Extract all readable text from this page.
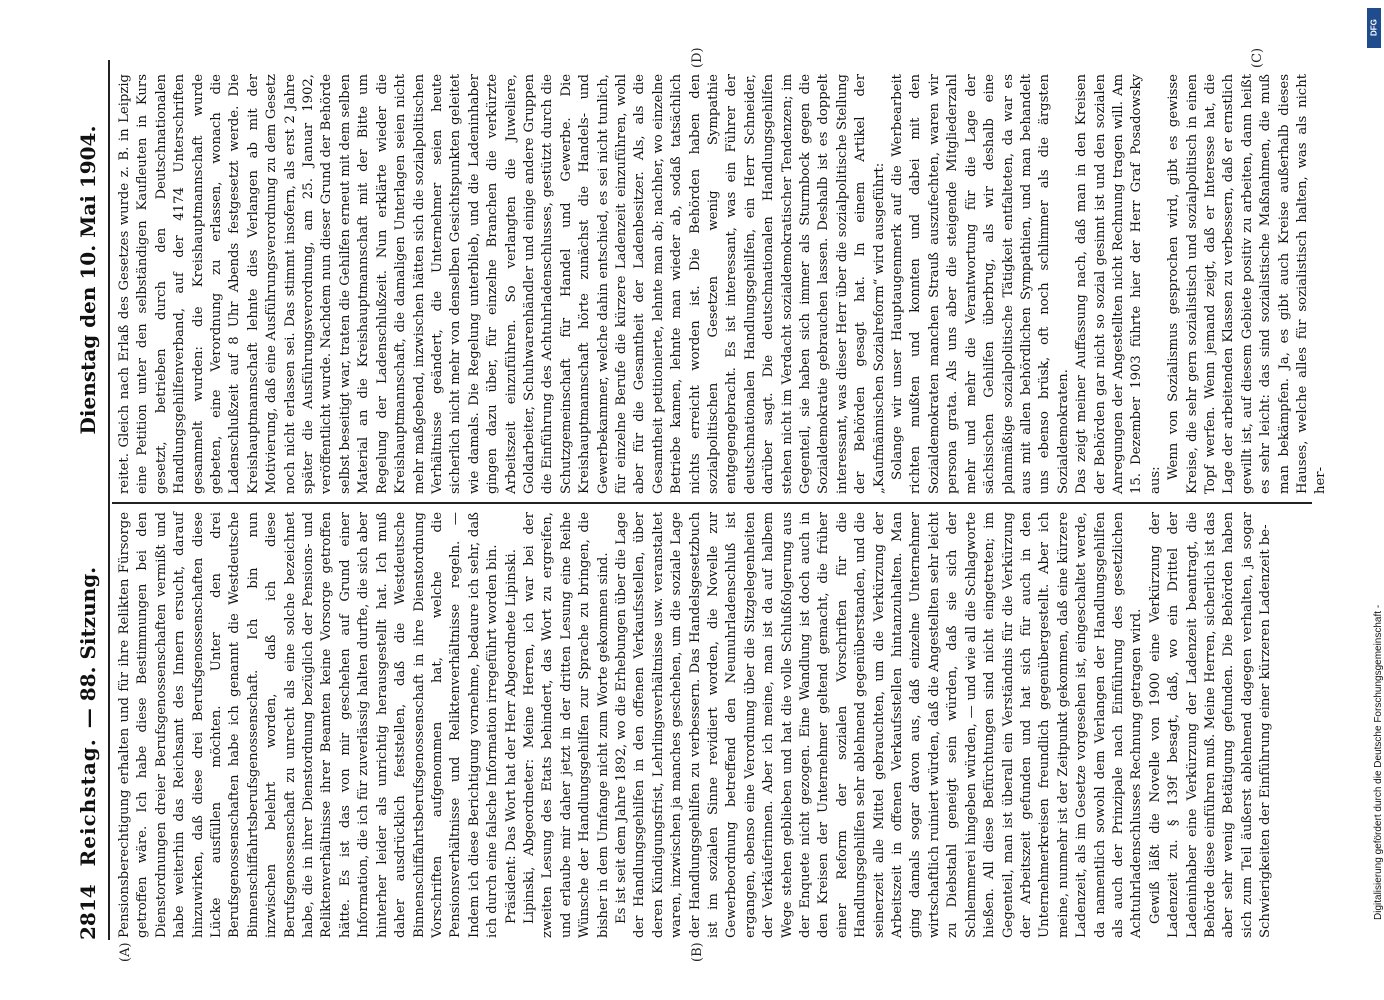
2814
Reichstag.
— 88. Sitzung.
Dienstag den 10. Mai 1904.
(A)	(B)
(C)
(D)

Pensionsberechtigung erhalten und für ihre Relikten Fürsorge getroffen wäre. Ich habe diese Bestimmungen bei den Dienstordnungen dreier Berufsgenossenschaften vermißt und habe weiterhin das Reichsamt des Innern ersucht, darauf hinzuwirken, daß diese drei Berufsgenossenschaften diese Lücke ausfüllen möchten. Unter den drei Berufsgenossenschaften habe ich genannt die Westdeutsche Binnenschiffahrtsberufsgenossenschaft. Ich bin nun inzwischen belehrt worden, daß ich diese Berufsgenossenschaft zu unrecht als eine solche bezeichnet habe, die in ihrer Dienstordnung bezüglich der Pensions- und Reliktenverhältnisse ihrer Beamten keine Vorsorge getroffen hätte. Es ist das von mir geschehen auf Grund einer Information, die ich für zuverlässig halten durfte, die sich aber hinterher leider als unrichtig herausgestellt hat. Ich muß daher ausdrücklich feststellen, daß die Westdeutsche Binnenschiffahrtsberufsgenossenschaft in ihre Dienstordnung Vorschriften aufgenommen hat, welche die Pensionsverhältnisse und Reliktenverhältnisse regeln. — Indem ich diese Berichtigung vornehme, bedaure ich sehr, daß ich durch eine falsche Information irregeführt worden bin. Präsident: Das Wort hat der Herr Abgeordnete Lipinski. Lipinski, Abgeordneter: Meine Herren, ich war bei der zweiten Lesung des Etats behindert, das Wort zu ergreifen, und erlaube mir daher jetzt in der dritten Lesung eine Reihe Wünsche der Handlungsgehilfen zur Sprache zu bringen, die bisher in dem Umfange nicht zum Worte gekommen sind. Es ist seit dem Jahre 1892, wo die Erhebungen über die Lage der Handlungsgehilfen in den offenen Verkaufsstellen, über deren Kündigungsfrist, Lehrlingsverhältnisse usw. veranstaltet waren, inzwischen ja manches geschehen, um die soziale Lage der Handlungsgehilfen zu verbessern. Das Handelsgesetzbuch ist im sozialen Sinne revidiert worden, die Novelle zur Gewerbeordnung betreffend den Neunuhrladenschluß ist ergangen, ebenso eine Verordnung über die Sitzgelegenheiten der Verkäuferinnen. Aber ich meine, man ist da auf halbem Wege stehen geblieben und hat die volle Schlußfolgerung aus der Enquete nicht gezogen. Eine Wandlung ist doch auch in den Kreisen der Unternehmer geltend gemacht, die früher einer Reform der sozialen Vorschriften für die Handlungsgehilfen sehr ablehnend gegenüberstanden, und die seinerzeit alle Mittel gebrauchten, um die Verkürzung der Arbeitszeit in offenen Verkaufsstellen hintanzuhalten. Man ging damals sogar davon aus, daß einzelne Unternehmer wirtschaftlich ruiniert würden, daß die Angestellten sehr leicht zu Diebstahl geneigt sein würden, daß sie sich der Schlemmerei hingeben würden, — und wie all die Schlagworte hießen. All diese Befürchtungen sind nicht eingetreten; im Gegenteil, man ist überall ein Verständnis für die Verkürzung der Arbeitszeit gefunden und hat sich für auch in den Unternehmerkreisen freundlich gegenübergestellt. Aber ich meine, nunmehr ist der Zeitpunkt gekommen, daß eine kürzere Ladenzeit, als im Gesetze vorgesehen ist, eingeschaltet werde, da namentlich sowohl dem Verlangen der Handlungsgehilfen als auch der Prinzipale nach Einführung des gesetzlichen Achtuhrladenschlusses Rechnung getragen wird. Gewiß läßt die Novelle von 1900 eine Verkürzung der Ladenzeit zu. § 139f besagt, daß, wo ein Drittel der Ladeninhaber eine Verkürzung der Ladenzeit beantragt, die Behörde diese einführen muß. Meine Herren, sicherlich ist das aber sehr wenig Betätigung gefunden. Die Behörden haben sich zum Teil äußerst ablehnend dagegen verhalten, ja sogar Schwierigkeiten der Einführung einer kürzeren Ladenzeit be-

reitet. Gleich nach Erlaß des Gesetzes wurde z. B. in Leipzig eine Petition unter den selbständigen Kaufleuten in Kurs gesetzt, betrieben durch den Deutschnationalen Handlungsgehilfenverband, auf der 4174 Unterschriften gesammelt wurden: die Kreishauptmannschaft wurde gebeten, eine Verordnung zu erlassen, wonach die Ladenschlußzeit auf 8 Uhr Abends festgesetzt werde. Die Kreishauptmannschaft lehnte dies Verlangen ab mit der Motivierung, daß eine Ausführungsverordnung zu dem Gesetz noch nicht erlassen sei. Das stimmt insofern, als erst 2 Jahre später die Ausführungsverordnung, am 25. Januar 1902, veröffentlicht wurde. Nachdem nun dieser Grund der Behörde selbst beseitigt war, traten die Gehilfen erneut mit dem selben Material an die Kreishauptmannschaft mit der Bitte um Regelung der Ladenschlußzeit. Nun erklärte wieder die Kreishauptmannschaft, die damaligen Unterlagen seien nicht mehr maßgebend, inzwischen hätten sich die sozialpolitischen Verhältnisse geändert, die Unternehmer seien heute sicherlich nicht mehr von denselben Gesichtspunkten geleitet wie damals. Die Regelung unterblieb, und die Ladeninhaber gingen dazu über, für einzelne Branchen die verkürzte Arbeitszeit einzuführen. So verlangten die Juweliere, Goldarbeiter, Schuhwarenhändler und einige andere Gruppen die Einführung des Achtuhrladenschlusses, gestützt durch die Schutzgemeinschaft für Handel und Gewerbe. Die Kreishauptmannschaft hörte zunächst die Handels- und Gewerbekammer, welche dahin entschied, es sei nicht tunlich, für einzelne Berufe die kürzere Ladenzeit einzuführen, wohl aber für die Gesamtheit der Ladenbesitzer. Als, als die Gesamtheit petitionierte, lehnte man ab; nachher, wo einzelne Betriebe kamen, lehnte man wieder ab, sodaß tatsächlich nichts erreicht worden ist. Die Behörden haben den sozialpolitischen Gesetzen wenig Sympathie entgegengebracht. Es ist interessant, was ein Führer der deutschnationalen Handlungsgehilfen, ein Herr Schneider, darüber sagt. Die deutschnationalen Handlungsgehilfen stehen nicht im Verdacht sozialdemokratischer Tendenzen; im Gegenteil, sie haben sich immer als Sturmbock gegen die Sozialdemokratie gebrauchen lassen. Deshalb ist es doppelt interessant, was dieser Herr über die sozialpolitische Stellung der Behörden gesagt hat. In einem Artikel der „Kaufmännischen Sozialreform“ wird ausgeführt: Solange wir unser Hauptaugenmerk auf die Werbearbeit richten mußten und konnten und dabei mit den Sozialdemokraten manchen Strauß auszufechten, waren wir persona grata. Als uns aber die steigende Mitgliederzahl mehr und mehr die Verantwortung für die Lage der sächsischen Gehilfen überbrug, als wir deshalb eine planmäßige sozialpolitische Tätigkeit entfalteten, da war es aus mit allen behördlichen Sympathien, und man behandelt uns ebenso brüsk, oft noch schlimmer als die ärgsten Sozialdemokraten. Das zeigt meiner Auffassung nach, daß man in den Kreisen der Behörden gar nicht so sozial gesinnt ist und den sozialen Anregungen der Angestellten nicht Rechnung tragen will. Am 15. Dezember 1903 führte hier der Herr Graf Posadowsky aus:

Wenn von Sozialismus gesprochen wird, gibt es gewisse Kreise, die sehr gern sozialistisch und sozialpolitisch in einen Topf werfen. Wenn jemand zeigt, daß er Interesse hat, die Lage der arbeitenden Klassen zu verbessern, daß er ernstlich gewillt ist, auf diesem Gebiete positiv zu arbeiten, dann heißt es sehr leicht: das sind sozialistische Maßnahmen, die muß man bekämpfen. Ja, es gibt auch Kreise außerhalb dieses Hauses, welche alles für sozialistisch halten, was als nicht her-

Digitalisierung gefördert durch die Deutsche Forschungsgemeinschaft -
DFG
